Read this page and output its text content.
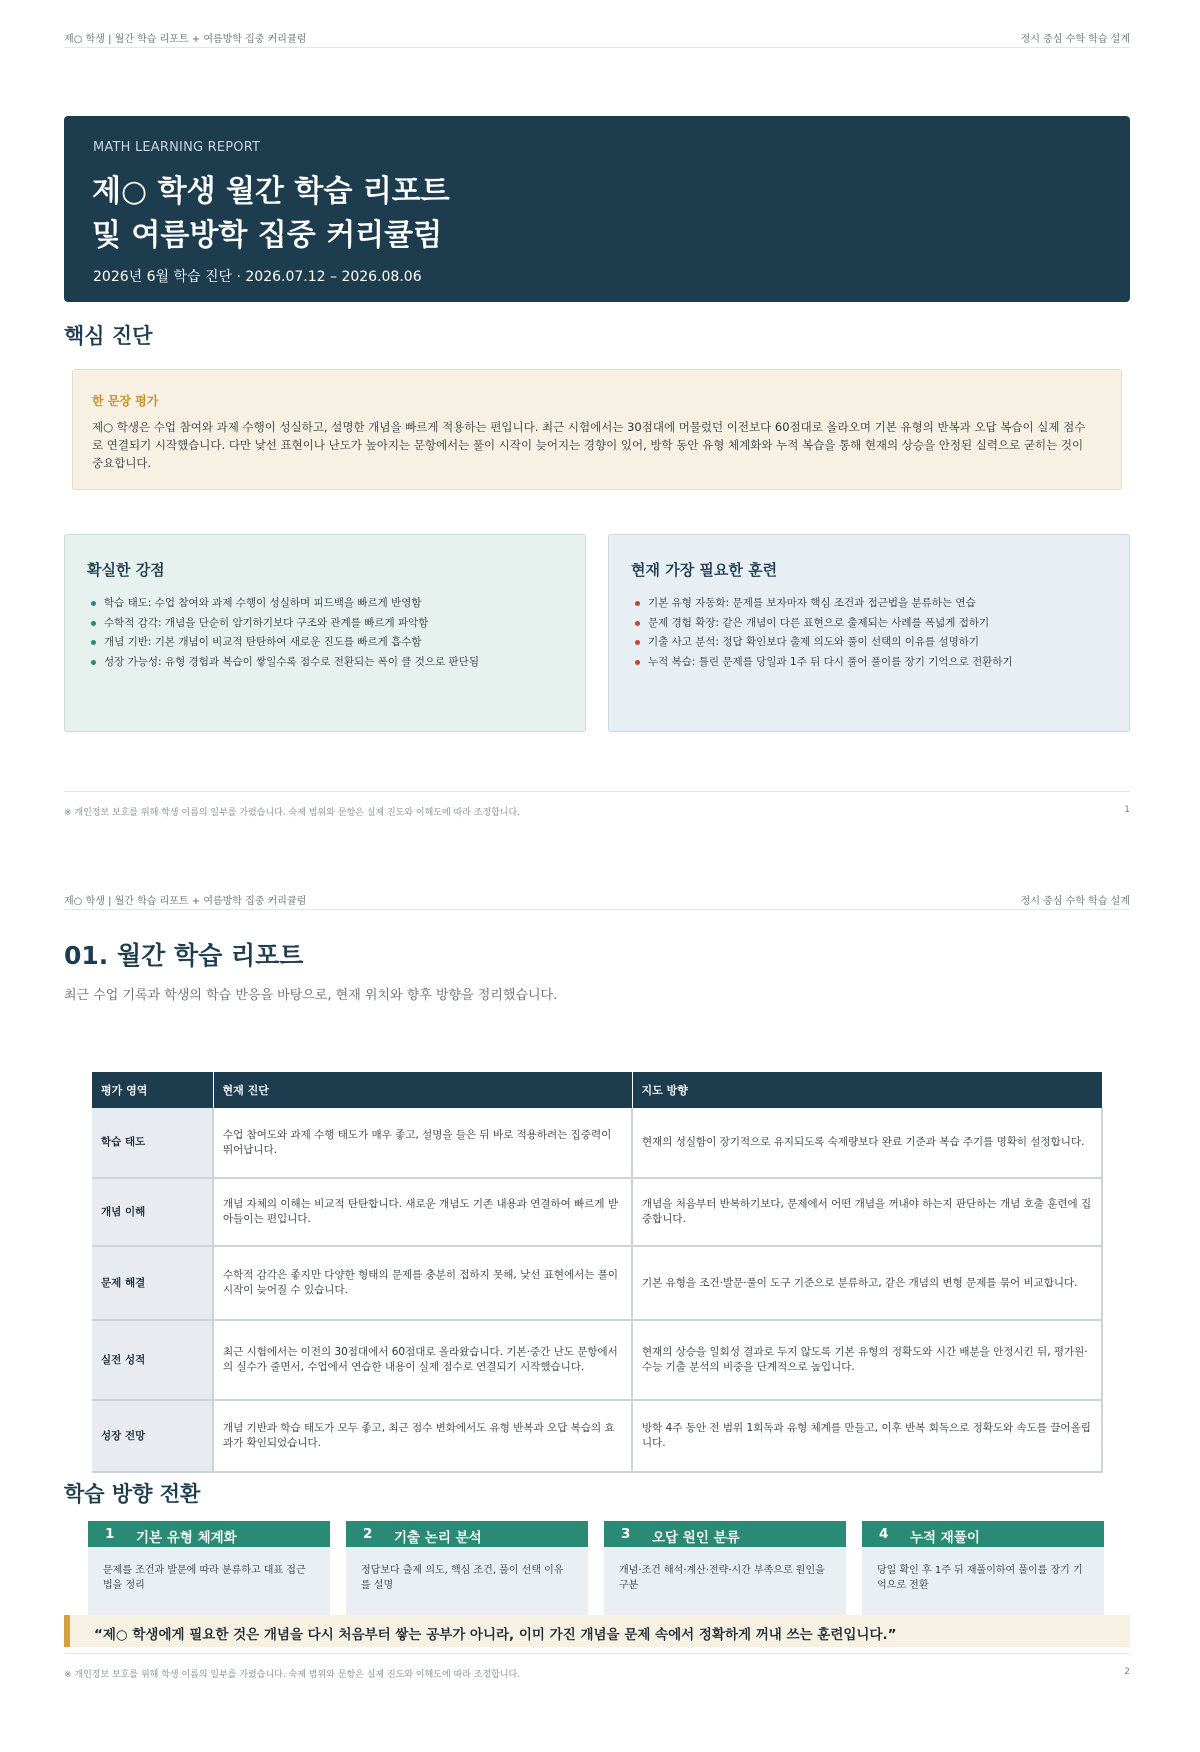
제○ 학생 | 월간 학습 리포트 + 여름방학 집중 커리큘럼	정시 중심 수학 학습 설계
MATH LEARNING REPORT
제○ 학생 월간 학습 리포트
및 여름방학 집중 커리큘럼
2026년 6월 학습 진단 · 2026.07.12 – 2026.08.06
핵심 진단
한 문장 평가
제○ 학생은 수업 참여와 과제 수행이 성실하고, 설명한 개념을 빠르게 적용하는 편입니다. 최근 시험에서는 30점대에 머물렀던 이전보다 60점대로 올라오며 기본 유형의 반복과 오답 복습이 실제 점수로 연결되기 시작했습니다. 다만 낯선 표현이나 난도가 높아지는 문항에서는 풀이 시작이 늦어지는 경향이 있어, 방학 동안 유형 체계화와 누적 복습을 통해 현재의 상승을 안정된 실력으로 굳히는 것이 중요합니다.
확실한 강점
학습 태도: 수업 참여와 과제 수행이 성실하며 피드백을 빠르게 반영함
수학적 감각: 개념을 단순히 암기하기보다 구조와 관계를 빠르게 파악함
개념 기반: 기본 개념이 비교적 탄탄하여 새로운 진도를 빠르게 흡수함
성장 가능성: 유형 경험과 복습이 쌓일수록 점수로 전환되는 폭이 클 것으로 판단됨
현재 가장 필요한 훈련
기본 유형 자동화: 문제를 보자마자 핵심 조건과 접근법을 분류하는 연습
문제 경험 확장: 같은 개념이 다른 표현으로 출제되는 사례를 폭넓게 접하기
기출 사고 분석: 정답 확인보다 출제 의도와 풀이 선택의 이유를 설명하기
누적 복습: 틀린 문제를 당일과 1주 뒤 다시 풀어 풀이를 장기 기억으로 전환하기
※ 개인정보 보호를 위해 학생 이름의 일부를 가렸습니다. 숙제 범위와 문항은 실제 진도와 이해도에 따라 조정합니다.	1
제○ 학생 | 월간 학습 리포트 + 여름방학 집중 커리큘럼	정시 중심 수학 학습 설계
01. 월간 학습 리포트
최근 수업 기록과 학생의 학습 반응을 바탕으로, 현재 위치와 향후 방향을 정리했습니다.
평가 영역	현재 진단	지도 방향
학습 태도	수업 참여도와 과제 수행 태도가 매우 좋고, 설명을 들은 뒤 바로 적용하려는 집중력이 뛰어납니다.	현재의 성실함이 장기적으로 유지되도록 숙제량보다 완료 기준과 복습 주기를 명확히 설정합니다.
개념 이해	개념 자체의 이해는 비교적 탄탄합니다. 새로운 개념도 기존 내용과 연결하여 빠르게 받아들이는 편입니다.	개념을 처음부터 반복하기보다, 문제에서 어떤 개념을 꺼내야 하는지 판단하는 개념 호출 훈련에 집중합니다.
문제 해결	수학적 감각은 좋지만 다양한 형태의 문제를 충분히 접하지 못해, 낯선 표현에서는 풀이 시작이 늦어질 수 있습니다.	기본 유형을 조건·발문·풀이 도구 기준으로 분류하고, 같은 개념의 변형 문제를 묶어 비교합니다.
실전 성적	최근 시험에서는 이전의 30점대에서 60점대로 올라왔습니다. 기본·중간 난도 문항에서의 실수가 줄면서, 수업에서 연습한 내용이 실제 점수로 연결되기 시작했습니다.	현재의 상승을 일회성 결과로 두지 않도록 기본 유형의 정확도와 시간 배분을 안정시킨 뒤, 평가원·수능 기출 분석의 비중을 단계적으로 높입니다.
성장 전망	개념 기반과 학습 태도가 모두 좋고, 최근 점수 변화에서도 유형 반복과 오답 복습의 효과가 확인되었습니다.	방학 4주 동안 전 범위 1회독과 유형 체계를 만들고, 이후 반복 회독으로 정확도와 속도를 끌어올립니다.
학습 방향 전환
1 기본 유형 체계화
문제를 조건과 발문에 따라 분류하고 대표 접근법을 정리
2 기출 논리 분석
정답보다 출제 의도, 핵심 조건, 풀이 선택 이유를 설명
3 오답 원인 분류
개념·조건 해석·계산·전략·시간 부족으로 원인을 구분
4 누적 재풀이
당일 확인 후 1주 뒤 재풀이하여 풀이를 장기 기억으로 전환
“제○ 학생에게 필요한 것은 개념을 다시 처음부터 쌓는 공부가 아니라, 이미 가진 개념을 문제 속에서 정확하게 꺼내 쓰는 훈련입니다.”
※ 개인정보 보호를 위해 학생 이름의 일부를 가렸습니다. 숙제 범위와 문항은 실제 진도와 이해도에 따라 조정합니다.	2
